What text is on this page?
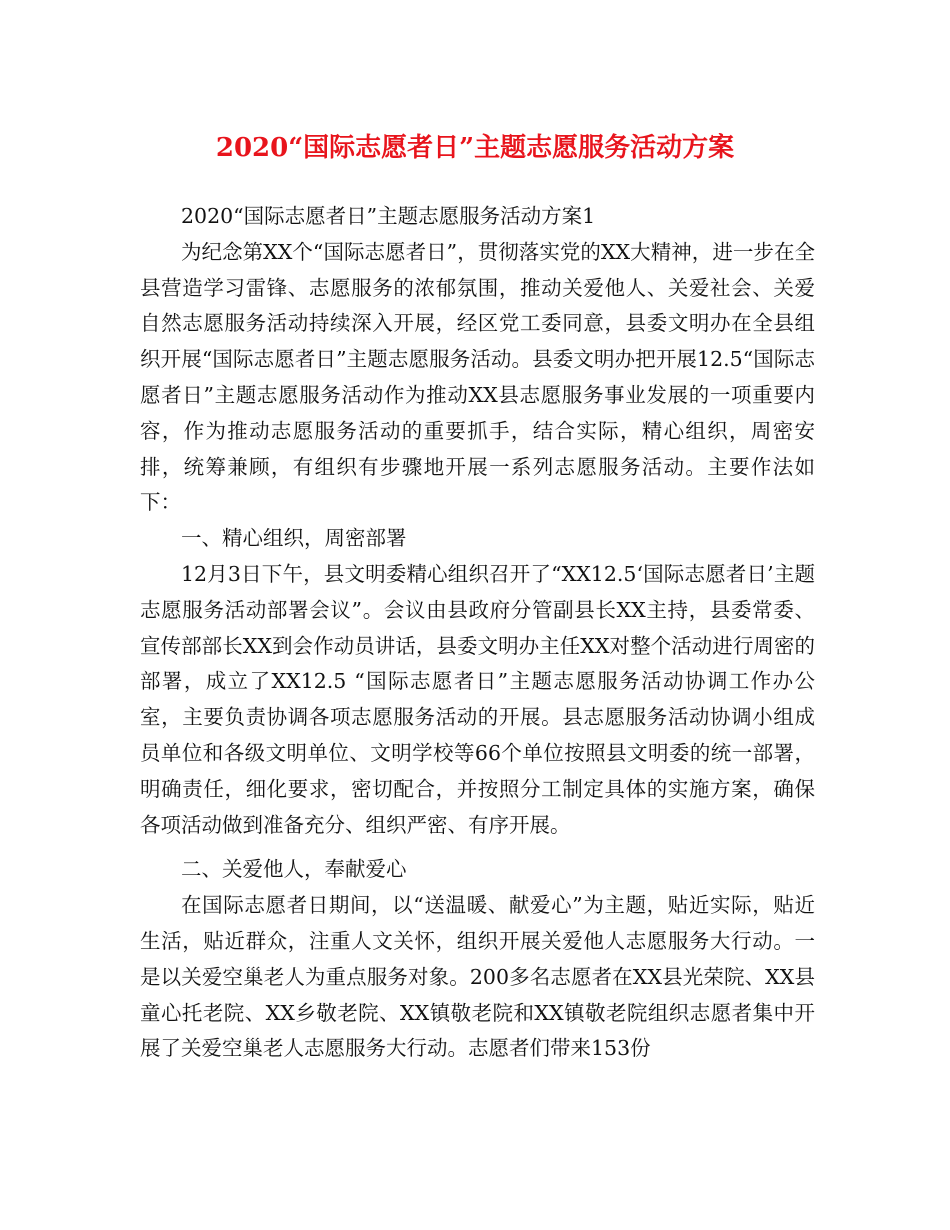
2020“国际志愿者日”主题志愿服务活动方案

2020“国际志愿者日”主题志愿服务活动方案1

为纪念第XX个“国际志愿者日”，贯彻落实党的XX大精神，进一步在全县营造学习雷锋、志愿服务的浓郁氛围，推动关爱他人、关爱社会、关爱自然志愿服务活动持续深入开展，经区党工委同意，县委文明办在全县组织开展“国际志愿者日”主题志愿服务活动。县委文明办把开展12.5“国际志愿者日”主题志愿服务活动作为推动XX县志愿服务事业发展的一项重要内容，作为推动志愿服务活动的重要抓手，结合实际，精心组织，周密安排，统筹兼顾，有组织有步骤地开展一系列志愿服务活动。主要作法如下：

一、精心组织，周密部署

12月3日下午，县文明委精心组织召开了“XX12.5‘国际志愿者日’主题志愿服务活动部署会议”。会议由县政府分管副县长XX主持，县委常委、宣传部部长XX到会作动员讲话，县委文明办主任XX对整个活动进行周密的部署，成立了XX12.5 “国际志愿者日”主题志愿服务活动协调工作办公室，主要负责协调各项志愿服务活动的开展。县志愿服务活动协调小组成员单位和各级文明单位、文明学校等66个单位按照县文明委的统一部署，明确责任，细化要求，密切配合，并按照分工制定具体的实施方案，确保各项活动做到准备充分、组织严密、有序开展。

二、关爱他人，奉献爱心

在国际志愿者日期间，以“送温暖、献爱心”为主题，贴近实际，贴近生活，贴近群众，注重人文关怀，组织开展关爱他人志愿服务大行动。一是以关爱空巢老人为重点服务对象。200多名志愿者在XX县光荣院、XX县童心托老院、XX乡敬老院、XX镇敬老院和XX镇敬老院组织志愿者集中开展了关爱空巢老人志愿服务大行动。志愿者们带来153份
